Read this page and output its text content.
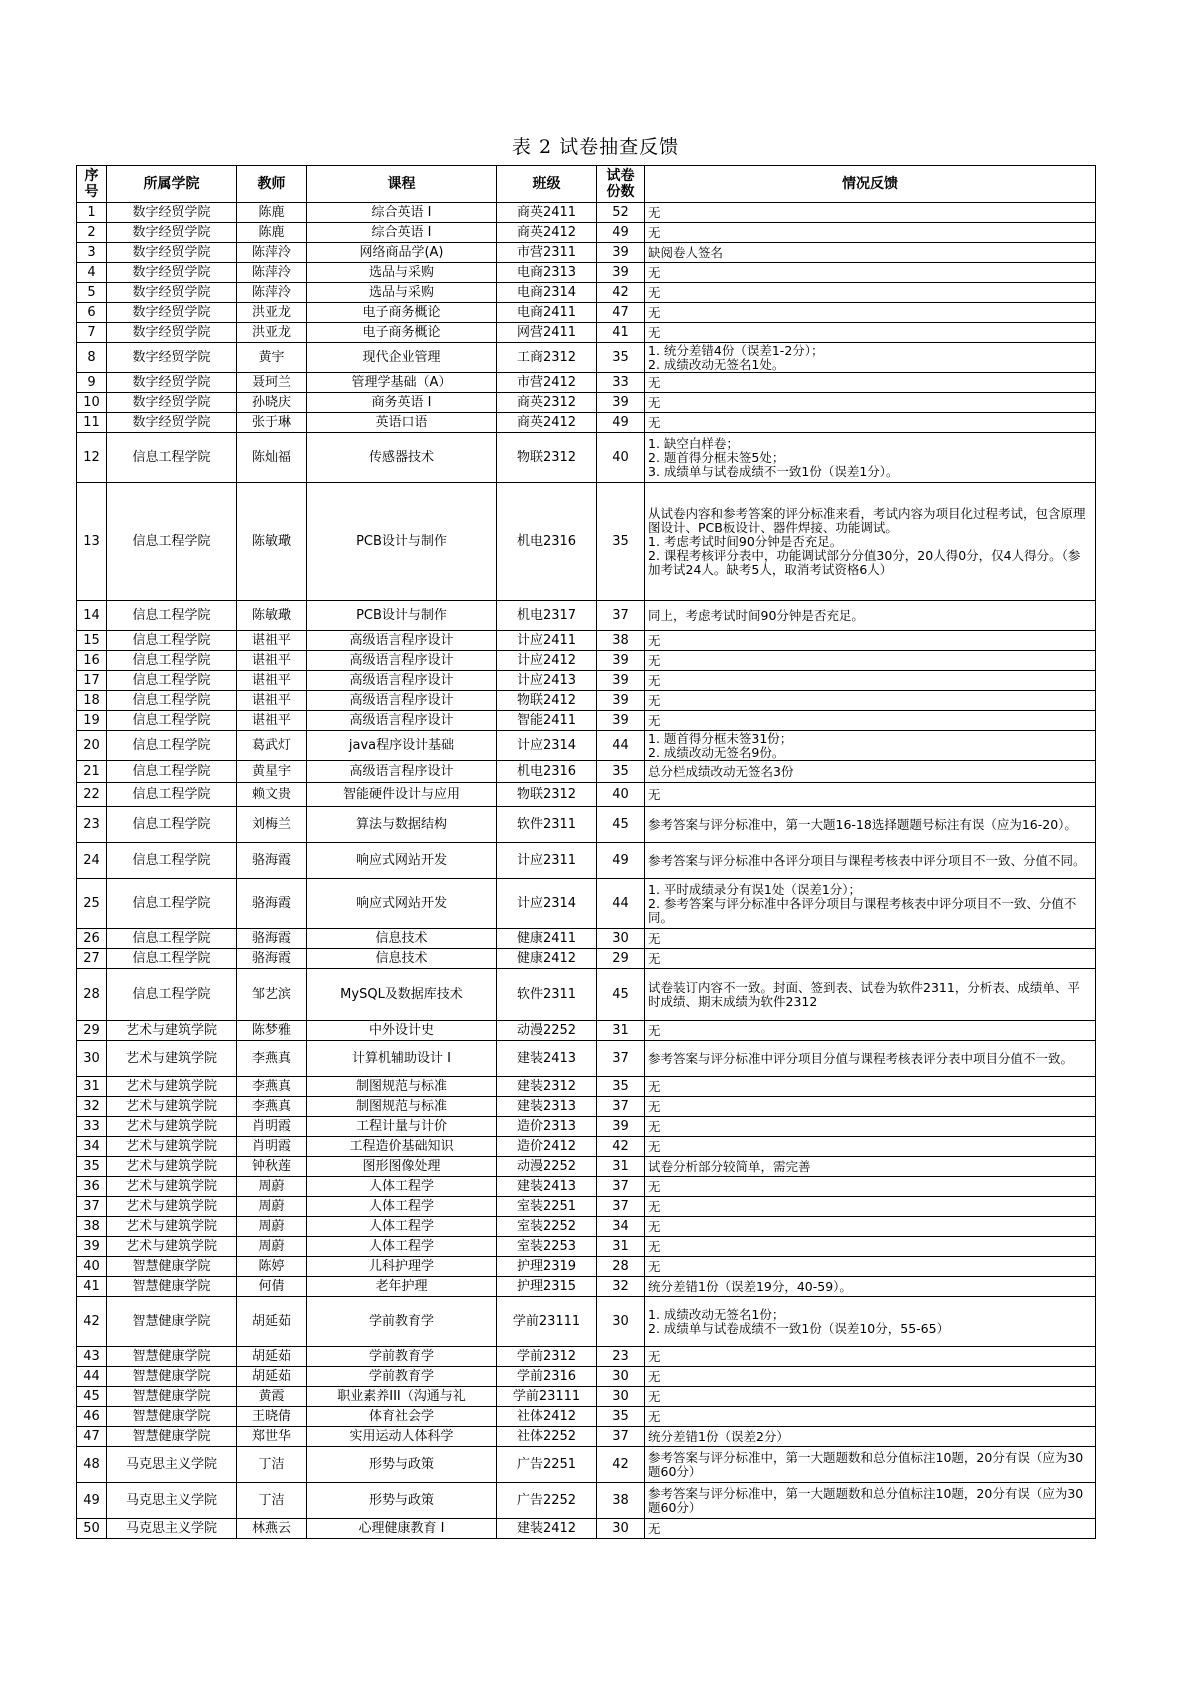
表 2 试卷抽查反馈
序号	所属学院	教师	课程	班级	试卷份数	情况反馈
1	数字经贸学院	陈鹿	综合英语 I	商英2411	52	无
2	数字经贸学院	陈鹿	综合英语 I	商英2412	49	无
3	数字经贸学院	陈萍泠	网络商品学(A)	市营2311	39	缺阅卷人签名
4	数字经贸学院	陈萍泠	选品与采购	电商2313	39	无
5	数字经贸学院	陈萍泠	选品与采购	电商2314	42	无
6	数字经贸学院	洪亚龙	电子商务概论	电商2411	47	无
7	数字经贸学院	洪亚龙	电子商务概论	网营2411	41	无
8	数字经贸学院	黄宇	现代企业管理	工商2312	35	1. 统分差错4份（误差1-2分）；
2. 成绩改动无签名1处。
9	数字经贸学院	聂珂兰	管理学基础（A）	市营2412	33	无
10	数字经贸学院	孙晓庆	商务英语 I	商英2312	39	无
11	数字经贸学院	张于琳	英语口语	商英2412	49	无
12	信息工程学院	陈灿福	传感器技术	物联2312	40	1. 缺空白样卷；
2. 题首得分框未签5处；
3. 成绩单与试卷成绩不一致1份（误差1分）。
13	信息工程学院	陈敏璥	PCB设计与制作	机电2316	35	从试卷内容和参考答案的评分标准来看，考试内容为项目化过程考试，包含原理图设计、PCB板设计、器件焊接、功能调试。
1. 考虑考试时间90分钟是否充足。
2. 课程考核评分表中，功能调试部分分值30分，20人得0分，仅4人得分。（参加考试24人。缺考5人，取消考试资格6人）
14	信息工程学院	陈敏璥	PCB设计与制作	机电2317	37	同上，考虑考试时间90分钟是否充足。
15	信息工程学院	谌祖平	高级语言程序设计	计应2411	38	无
16	信息工程学院	谌祖平	高级语言程序设计	计应2412	39	无
17	信息工程学院	谌祖平	高级语言程序设计	计应2413	39	无
18	信息工程学院	谌祖平	高级语言程序设计	物联2412	39	无
19	信息工程学院	谌祖平	高级语言程序设计	智能2411	39	无
20	信息工程学院	葛武灯	java程序设计基础	计应2314	44	1. 题首得分框未签31份；
2. 成绩改动无签名9份。
21	信息工程学院	黄星宇	高级语言程序设计	机电2316	35	总分栏成绩改动无签名3份
22	信息工程学院	赖文贵	智能硬件设计与应用	物联2312	40	无
23	信息工程学院	刘梅兰	算法与数据结构	软件2311	45	参考答案与评分标准中，第一大题16-18选择题题号标注有误（应为16-20）。
24	信息工程学院	骆海霞	响应式网站开发	计应2311	49	参考答案与评分标准中各评分项目与课程考核表中评分项目不一致、分值不同。
25	信息工程学院	骆海霞	响应式网站开发	计应2314	44	1. 平时成绩录分有误1处（误差1分）；
2. 参考答案与评分标准中各评分项目与课程考核表中评分项目不一致、分值不同。
26	信息工程学院	骆海霞	信息技术	健康2411	30	无
27	信息工程学院	骆海霞	信息技术	健康2412	29	无
28	信息工程学院	邹艺滨	MySQL及数据库技术	软件2311	45	试卷装订内容不一致。封面、签到表、试卷为软件2311，分析表、成绩单、平时成绩、期末成绩为软件2312
29	艺术与建筑学院	陈梦雅	中外设计史	动漫2252	31	无
30	艺术与建筑学院	李燕真	计算机辅助设计 I	建装2413	37	参考答案与评分标准中评分项目分值与课程考核表评分表中项目分值不一致。
31	艺术与建筑学院	李燕真	制图规范与标准	建装2312	35	无
32	艺术与建筑学院	李燕真	制图规范与标准	建装2313	37	无
33	艺术与建筑学院	肖明霞	工程计量与计价	造价2313	39	无
34	艺术与建筑学院	肖明霞	工程造价基础知识	造价2412	42	无
35	艺术与建筑学院	钟秋莲	图形图像处理	动漫2252	31	试卷分析部分较简单，需完善
36	艺术与建筑学院	周蔚	人体工程学	建装2413	37	无
37	艺术与建筑学院	周蔚	人体工程学	室装2251	37	无
38	艺术与建筑学院	周蔚	人体工程学	室装2252	34	无
39	艺术与建筑学院	周蔚	人体工程学	室装2253	31	无
40	智慧健康学院	陈婷	儿科护理学	护理2319	28	无
41	智慧健康学院	何倩	老年护理	护理2315	32	统分差错1份（误差19分，40-59）。
42	智慧健康学院	胡延茹	学前教育学	学前23111	30	1. 成绩改动无签名1份；
2. 成绩单与试卷成绩不一致1份（误差10分，55-65）
43	智慧健康学院	胡延茹	学前教育学	学前2312	23	无
44	智慧健康学院	胡延茹	学前教育学	学前2316	30	无
45	智慧健康学院	黄霞	职业素养III（沟通与礼	学前23111	30	无
46	智慧健康学院	王晓倩	体育社会学	社体2412	35	无
47	智慧健康学院	郑世华	实用运动人体科学	社体2252	37	统分差错1份（误差2分）
48	马克思主义学院	丁洁	形势与政策	广告2251	42	参考答案与评分标准中，第一大题题数和总分值标注10题，20分有误（应为30题60分）
49	马克思主义学院	丁洁	形势与政策	广告2252	38	参考答案与评分标准中，第一大题题数和总分值标注10题，20分有误（应为30题60分）
50	马克思主义学院	林燕云	心理健康教育 I	建装2412	30	无
